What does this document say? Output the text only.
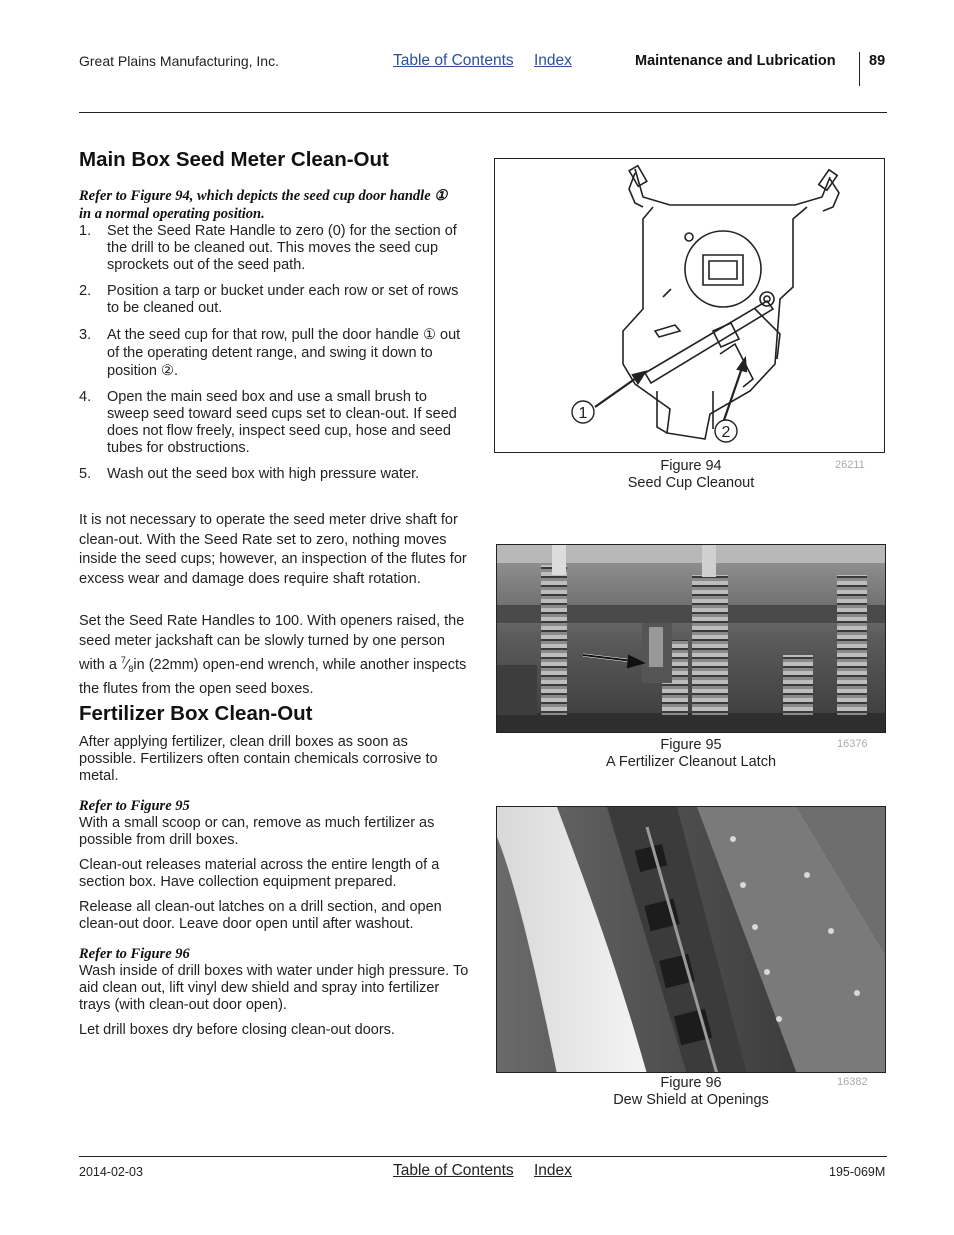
Great Plains Manufacturing, Inc.	Table of Contents Index	Maintenance and Lubrication 89
Main Box Seed Meter Clean-Out
Refer to Figure 94, which depicts the seed cup door handle ①
in a normal operating position.
1. Set the Seed Rate Handle to zero (0) for the section of the drill to be cleaned out. This moves the seed cup sprockets out of the seed path.
2. Position a tarp or bucket under each row or set of rows to be cleaned out.
3. At the seed cup for that row, pull the door handle ① out of the operating detent range, and swing it down to position ②.
4. Open the main seed box and use a small brush to sweep seed toward seed cups set to clean-out. If seed does not flow freely, inspect seed cup, hose and seed tubes for obstructions.
5. Wash out the seed box with high pressure water.
It is not necessary to operate the seed meter drive shaft for clean-out. With the Seed Rate set to zero, nothing moves inside the seed cups; however, an inspection of the flutes for excess wear and damage does require shaft rotation.
Set the Seed Rate Handles to 100. With openers raised, the seed meter jackshaft can be slowly turned by one person with a $^7⁄_8in$ (22mm) open-end wrench, while another inspects the flutes from the open seed boxes.
Fertilizer Box Clean-Out

After applying fertilizer, clean drill boxes as soon as possible. Fertilizers often contain chemicals corrosive to metal.

Refer to Figure 95

With a small scoop or can, remove as much fertilizer as possible from drill boxes.

Clean-out releases material across the entire length of a section box. Have collection equipment prepared.

Release all clean-out latches on a drill section, and open clean-out door. Leave door open until after washout.

Refer to Figure 96

Wash inside of drill boxes with water under high pressure. To aid clean out, lift vinyl dew shield and spray into fertilizer trays (with clean-out door open).

Let drill boxes dry before closing clean-out doors.

1
2
Figure 94
Seed Cup Cleanout
26211
Figure 95
A Fertilizer Cleanout Latch
16376
Figure 96
Dew Shield at Openings
16382
2014-02-03	Table of Contents Index	195-069M
